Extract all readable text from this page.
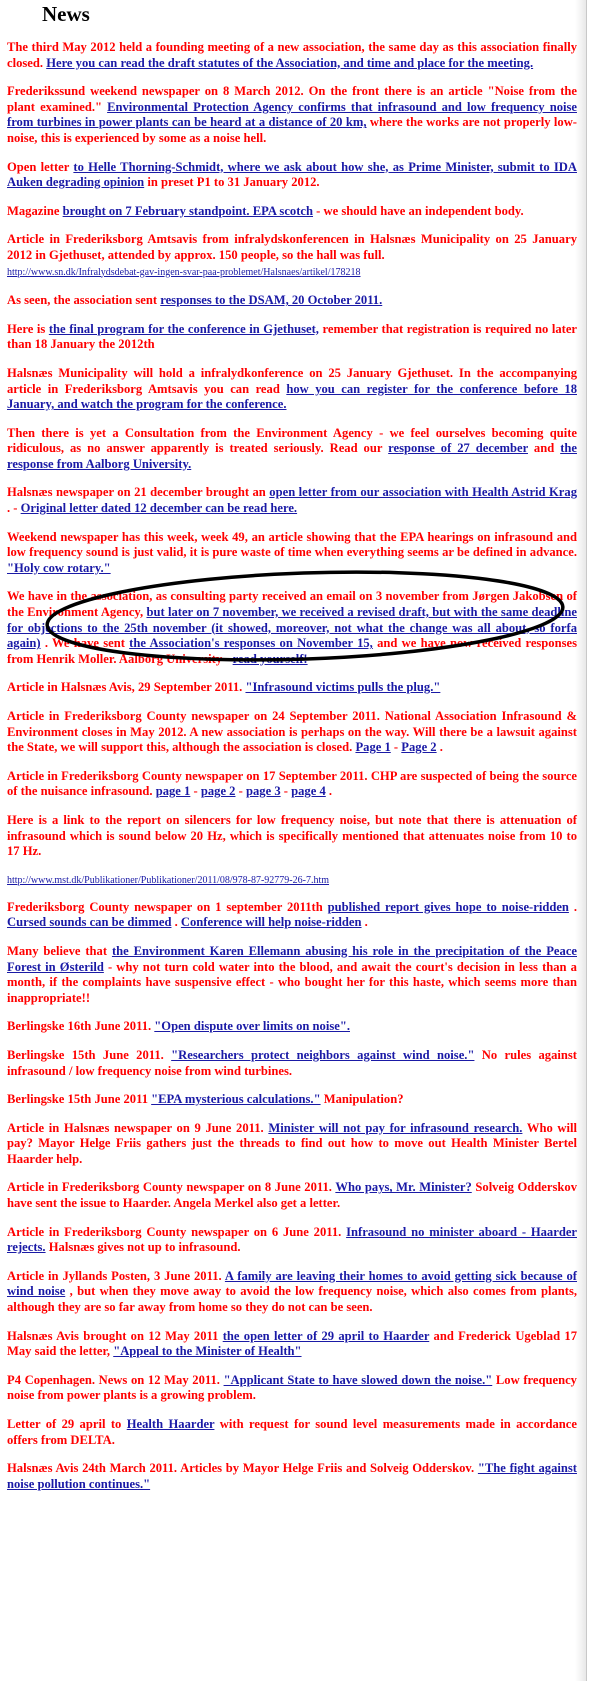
News

The third May 2012 held a founding meeting of a new association, the same day as this association finally closed. Here you can read the draft statutes of the Association, and time and place for the meeting.

Frederikssund weekend newspaper on 8 March 2012. On the front there is an article "Noise from the plant examined." Environmental Protection Agency confirms that infrasound and low frequency noise from turbines in power plants can be heard at a distance of 20 km, where the works are not properly low-noise, this is experienced by some as a noise hell.

Open letter to Helle Thorning-Schmidt, where we ask about how she, as Prime Minister, submit to IDA Auken degrading opinion in preset P1 to 31 January 2012.

Magazine brought on 7 February standpoint. EPA scotch - we should have an independent body.

Article in Frederiksborg Amtsavis from infralydskonferencen in Halsnæs Municipality on 25 January 2012 in Gjethuset, attended by approx. 150 people, so the hall was full.
http://www.sn.dk/Infralydsdebat-gav-ingen-svar-paa-problemet/Halsnaes/artikel/178218

As seen, the association sent responses to the DSAM, 20 October 2011.

Here is the final program for the conference in Gjethuset, remember that registration is required no later than 18 January the 2012th

Halsnæs Municipality will hold a infralydkonference on 25 January Gjethuset. In the accompanying article in Frederiksborg Amtsavis you can read how you can register for the conference before 18 January, and watch the program for the conference.

Then there is yet a Consultation from the Environment Agency - we feel ourselves becoming quite ridiculous, as no answer apparently is treated seriously. Read our response of 27 december and the response from Aalborg University.

Halsnæs newspaper on 21 december brought an open letter from our association with Health Astrid Krag . - Original letter dated 12 december can be read here.

Weekend newspaper has this week, week 49, an article showing that the EPA hearings on infrasound and low frequency sound is just valid, it is pure waste of time when everything seems ar be defined in advance. "Holy cow rotary."

We have in the association, as consulting party received an email on 3 november from Jørgen Jakobsen of the Environment Agency, but later on 7 november, we received a revised draft, but with the same deadline for objections to the 25th november (it showed, moreover, not what the change was all about, so forfa again) . We have sent the Association's responses on November 15, and we have now received responses from Henrik Moller. Aalborg University - read yourself!

Article in Halsnæs Avis, 29 September 2011. "Infrasound victims pulls the plug."

Article in Frederiksborg County newspaper on 24 September 2011. National Association Infrasound & Environment closes in May 2012. A new association is perhaps on the way. Will there be a lawsuit against the State, we will support this, although the association is closed. Page 1 - Page 2 .

Article in Frederiksborg County newspaper on 17 September 2011. CHP are suspected of being the source of the nuisance infrasound. page 1 - page 2 - page 3 - page 4 .

Here is a link to the report on silencers for low frequency noise, but note that there is attenuation of infrasound which is sound below 20 Hz, which is specifically mentioned that attenuates noise from 10 to 17 Hz.

http://www.mst.dk/Publikationer/Publikationer/2011/08/978-87-92779-26-7.htm

Frederiksborg County newspaper on 1 september 2011th published report gives hope to noise-ridden . Cursed sounds can be dimmed . Conference will help noise-ridden .

Many believe that the Environment Karen Ellemann abusing his role in the precipitation of the Peace Forest in Østerild - why not turn cold water into the blood, and await the court's decision in less than a month, if the complaints have suspensive effect - who bought her for this haste, which seems more than inappropriate!!

Berlingske 16th June 2011. "Open dispute over limits on noise".

Berlingske 15th June 2011. "Researchers protect neighbors against wind noise." No rules against infrasound / low frequency noise from wind turbines.

Berlingske 15th June 2011 "EPA mysterious calculations." Manipulation?

Article in Halsnæs newspaper on 9 June 2011. Minister will not pay for infrasound research. Who will pay? Mayor Helge Friis gathers just the threads to find out how to move out Health Minister Bertel Haarder help.

Article in Frederiksborg County newspaper on 8 June 2011. Who pays, Mr. Minister? Solveig Odderskov have sent the issue to Haarder. Angela Merkel also get a letter.

Article in Frederiksborg County newspaper on 6 June 2011. Infrasound no minister aboard - Haarder rejects. Halsnæs gives not up to infrasound.

Article in Jyllands Posten, 3 June 2011. A family are leaving their homes to avoid getting sick because of wind noise , but when they move away to avoid the low frequency noise, which also comes from plants, although they are so far away from home so they do not can be seen.

Halsnæs Avis brought on 12 May 2011 the open letter of 29 april to Haarder and Frederick Ugeblad 17 May said the letter, "Appeal to the Minister of Health"

P4 Copenhagen. News on 12 May 2011. "Applicant State to have slowed down the noise." Low frequency noise from power plants is a growing problem.

Letter of 29 april to Health Haarder with request for sound level measurements made in accordance offers from DELTA.

Halsnæs Avis 24th March 2011. Articles by Mayor Helge Friis and Solveig Odderskov. "The fight against noise pollution continues."
